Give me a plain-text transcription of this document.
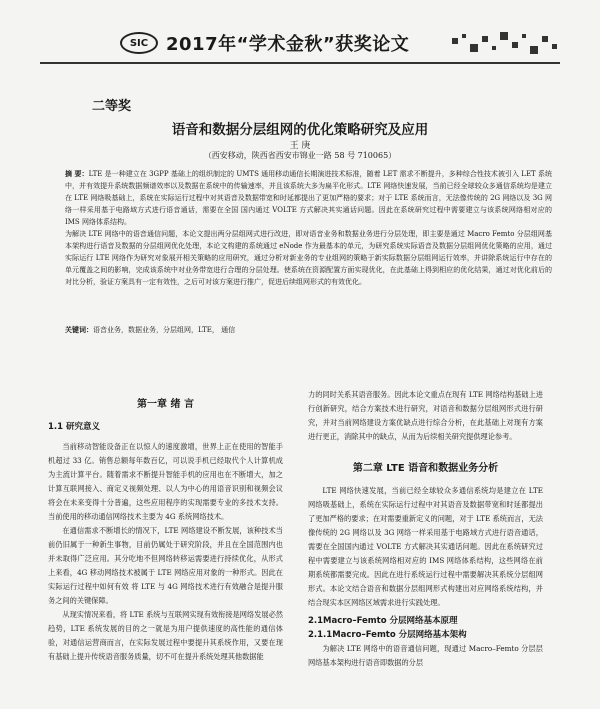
SIC 2017年“学术金秋”获奖论文
二等奖
语音和数据分层组网的优化策略研究及应用
王 庚
（西安移动，陕西省西安市锦业一路 58 号 710065）
摘 要：LTE 是一种建立在 3GPP 基础上的组织制定的 UMTS 通用移动通信长期演进技术标准，随着 LET 需求不断提升，多种综合性技术被引入 LET 系统中，并有效提升系统数据频谱效率以及数据在系统中的传输速率，并且该系统大多为扁平化形式。LTE 网络快速发展，当前已经全球较众多通信系统均是建立在 LTE 网络吸基础上，系统在实际运行过程中对其语音及数据带宽和时延都提出了更加严格的要求；对于 LTE 系统而言，无法像传统的 2G 网络以及 3G 网络一样采用基于电路域方式进行语音通话，需要在全国 国内通过 VOLTE 方式解决其实通话问题。因此在系统研究过程中需要建立与该系统网络相对应的 IMS 网络体系结构。
为解决 LTE 网络中的语音通信问题，本论文提出两分层组网式进行改进，即对语音业务和数据业务进行分层处理，即主要是通过 Macro Femto 分层组网基本架构进行语音及数据的分层组网优化处理，本论文构建的系统通过 eNode 作为最基本的单元，为研究系统实际语音及数据分层组网优化策略的应用，通过实际运行 LTE 网络作为研究对象展开相关策略的应用研究，通过分析对新业务的专业组网的策略于新实际数据分层组网运行效率，并讲除系统运行中存在的单元覆盖之间的影响，完成该系统中对业务带宽进行合理的分层处理。使系统在资源配置方面实现优化，在此基础上得到相应的优化结果，通过对优化前后的对比分析，验证方案具有一定有效性，之后可对该方案进行推广，促进后续组网形式的有效优化。
关键词：语音业务，数据业务，分层组网，LTE， 通信
第一章 绪 言
1.1 研究意义

当前移动智能设备正在以惊人的速度激增，世界上正在使用的智能手机超过 33 亿。销售总额每年数百亿，可以说手机已经取代个人计算机成为主流计算平台。随着需求不断提升智能手机的应用也在不断增大，加之计算互联网接入、商定义视频处理、以人为中心的用语音识别和视频会议将会在未来变得十分普遍，这些应用程序的实现需要专业的多技术支持。当前使用的移动通信网络技术主要为 4G 系统网络技术。

在通信需求不断增长的情况下，LTE 网络建设不断发展，该种技术当前仍旧属于一种新生事物，目前仍属处于研究阶段，并且在全国范围内也并未取得广泛应用。其分吃地不但网络转移运需要进行持续优化，从形式上来看，4G 移动网络技术被属于 LTE 网络应用对象的一种形式。因此在实际运行过程中如何有效 将 LTE 与 4G 网络技术进行有效融合是提升服务之间的关键保障。

从现实情况来看，将 LTE 系统与互联网实现有效衔接是网络发展必然趋势，LTE 系统发展的目的之一就是为用户提供速度的高性能的通信体验，对通信运营商而言，在实际发展过程中要提升其系统作用，又要在现有基础上提升传统语音服务质量，切不可在提升系统处理其他数据能

力的同时关系其语音服务。因此本论文重点在现有 LTE 网络结构基础上进行创新研究，结合方案技术进行研究，对语音和数据分层组网形式进行研究，并对当前网络建设方案优缺点进行综合分析，在此基础上对现有方案进行更正，消除其中的缺点，从而为后续相关研究提供理论参考。

第二章 LTE 语音和数据业务分析

LTE 网络快速发展，当前已经全球较众多通信系统均是建立在 LTE 网络吸基础上，系统在实际运行过程中对其语音及数据带宽和时延都提出了更加严格的要求；在对需要重新定义的问题，对于 LTE 系统而言，无法像传统的 2G 网络以及 3G 网络一样采用基于电路域方式进行语音通话，需要在全国国内通过 VOLTE 方式解决其实通话问题。因此在系统研究过程中需要建立与该系统网络相对应的 IMS 网络体系结构，这些网络在前期系统都需要完成。因此在进行系统运行过程中需要解决其系统分层组网形式。本论文结合语音和数据分层组网形式构建出对应网络系统结构，并结合现实本区网络区域需求进行实践处理。

2.1Macro–Femto 分层网络基本原理
2.1.1Macro–Femto 分层网络基本架构

为解决 LTE 网络中的语音通信问题，现通过 Macro–Femto 分层层网络基本架构进行语音即数据的分层
